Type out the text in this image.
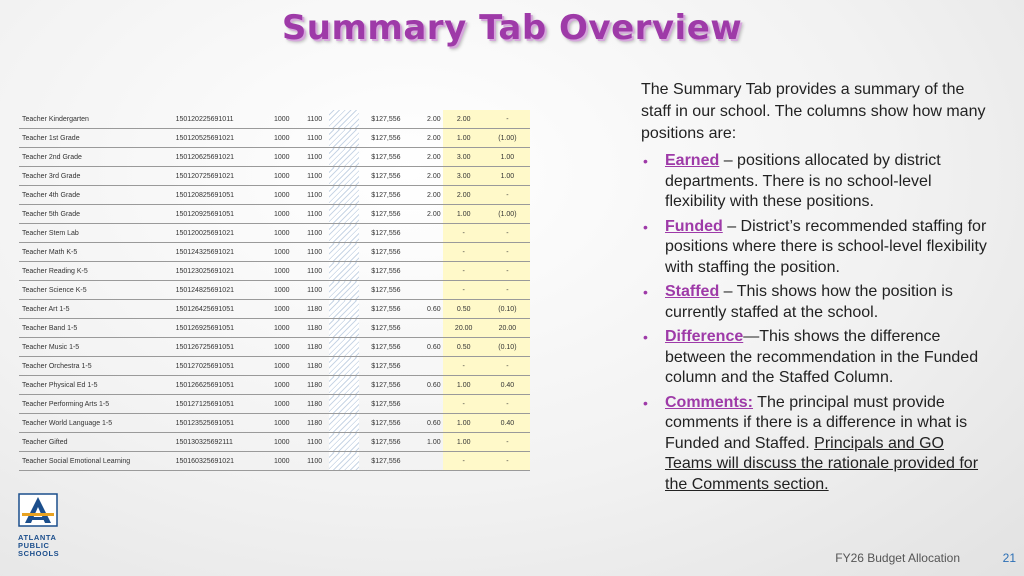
Summary Tab Overview
Teacher Kindergarten	150120225691011	1000	1100		$127,556	2.00	2.00	-
Teacher 1st Grade	150120525691021	1000	1100		$127,556	2.00	1.00	(1.00)
Teacher 2nd Grade	150120625691021	1000	1100		$127,556	2.00	3.00	1.00
Teacher 3rd Grade	150120725691021	1000	1100		$127,556	2.00	3.00	1.00
Teacher 4th Grade	150120825691051	1000	1100		$127,556	2.00	2.00	-
Teacher 5th Grade	150120925691051	1000	1100		$127,556	2.00	1.00	(1.00)
Teacher Stem Lab	150120025691021	1000	1100		$127,556		-	-
Teacher Math K-5	150124325691021	1000	1100		$127,556		-	-
Teacher Reading K-5	150123025691021	1000	1100		$127,556		-	-
Teacher Science K-5	150124825691021	1000	1100		$127,556		-	-
Teacher Art 1-5	150126425691051	1000	1180		$127,556	0.60	0.50	(0.10)
Teacher Band 1-5	150126925691051	1000	1180		$127,556		20.00	20.00
Teacher Music 1-5	150126725691051	1000	1180		$127,556	0.60	0.50	(0.10)
Teacher Orchestra 1-5	150127025691051	1000	1180		$127,556		-	-
Teacher Physical Ed 1-5	150126625691051	1000	1180		$127,556	0.60	1.00	0.40
Teacher Performing Arts 1-5	150127125691051	1000	1180		$127,556		-	-
Teacher World Language 1-5	150123525691051	1000	1180		$127,556	0.60	1.00	0.40
Teacher Gifted	150130325692111	1000	1100		$127,556	1.00	1.00	-
Teacher Social Emotional Learning	150160325691021	1000	1100		$127,556		-	-

The Summary Tab provides a summary of the staff in our school. The columns show how many positions are:

• Earned – positions allocated by district departments. There is no school-level flexibility with these positions.
• Funded – District’s recommended staffing for positions where there is school-level flexibility with staffing the position.
• Staffed – This shows how the position is currently staffed at the school.
• Difference—This shows the difference between the recommendation in the Funded column and the Staffed Column.
• Comments: The principal must provide comments if there is a difference in what is Funded and Staffed. Principals and GO Teams will discuss the rationale provided for the Comments section.
ATLANTA
PUBLIC
SCHOOLS	FY26 Budget Allocation	21
